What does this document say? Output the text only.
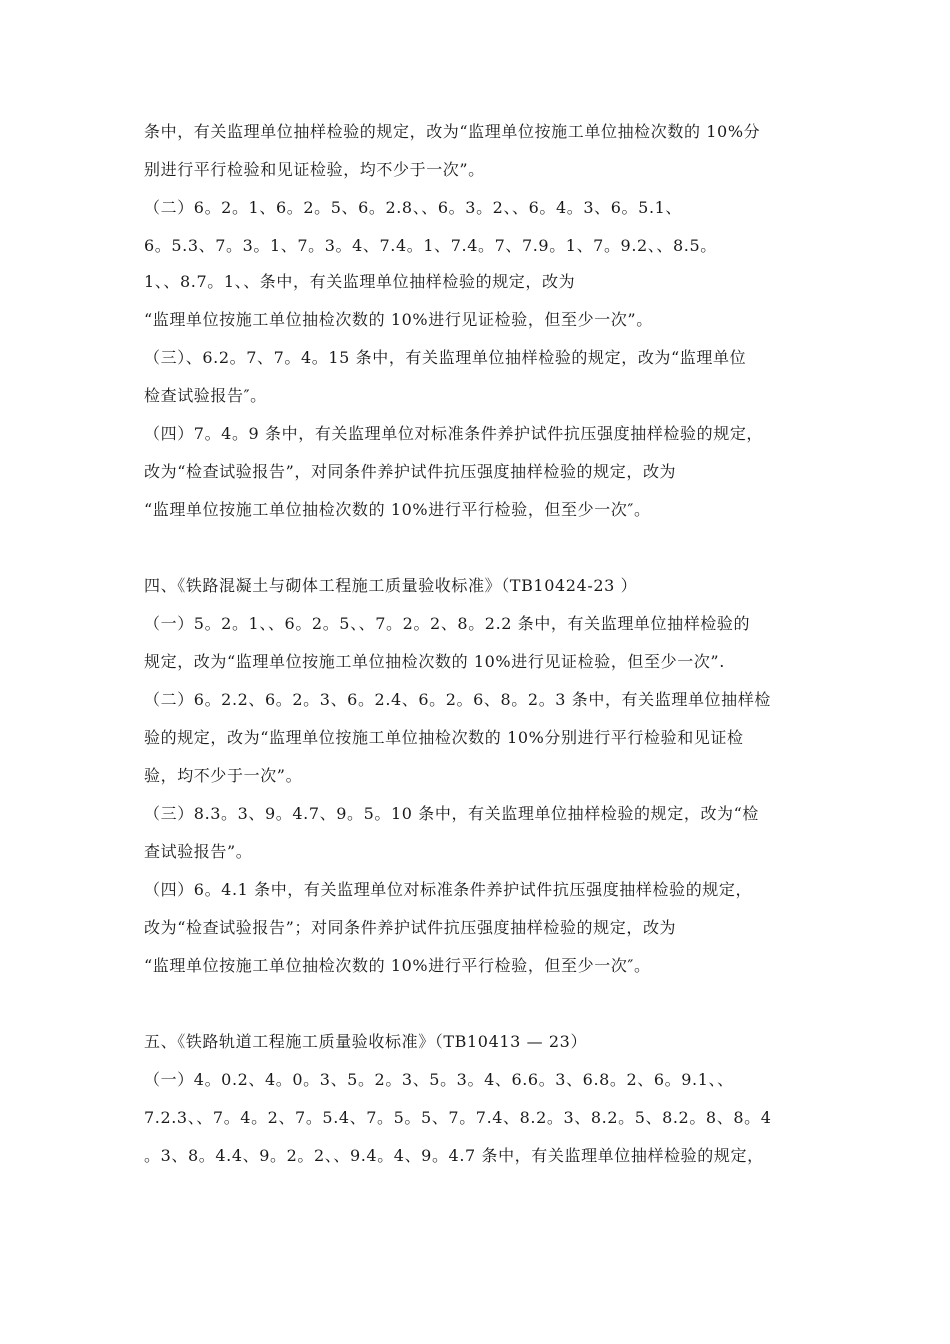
条中，有关监理单位抽样检验的规定，改为“监理单位按施工单位抽检次数的 10%分
别进行平行检验和见证检验，均不少于一次”。
（二）6。2。1、6。2。5、6。2.8、、6。3。2、、6。4。3、6。5.1、
6。5.3、7。3。1、7。3。4、7.4。1、7.4。7、7.9。1、7。9.2、、8.5。
1、、8.7。1、、条中，有关监理单位抽样检验的规定，改为
“监理单位按施工单位抽检次数的 10%进行见证检验，但至少一次”。
（三）、6.2。7、7。4。15 条中，有关监理单位抽样检验的规定，改为“监理单位
检查试验报告″。
（四）7。4。9 条中，有关监理单位对标准条件养护试件抗压强度抽样检验的规定，
改为“检查试验报告”，对同条件养护试件抗压强度抽样检验的规定，改为
“监理单位按施工单位抽检次数的 10%进行平行检验，但至少一次″。
四、《铁路混凝土与砌体工程施工质量验收标准》（TB10424-23 ）
（一）5。2。1、、6。2。5、、7。2。2、8。2.2 条中，有关监理单位抽样检验的
规定，改为“监理单位按施工单位抽检次数的 10%进行见证检验，但至少一次”.
（二）6。2.2、6。2。3、6。2.4、6。2。6、8。2。3 条中，有关监理单位抽样检
验的规定，改为“监理单位按施工单位抽检次数的 10%分别进行平行检验和见证检
验，均不少于一次”。
（三）8.3。3、9。4.7、9。5。10 条中，有关监理单位抽样检验的规定，改为“检
查试验报告”。
（四）6。4.1 条中，有关监理单位对标准条件养护试件抗压强度抽样检验的规定，
改为“检查试验报告”；对同条件养护试件抗压强度抽样检验的规定，改为
“监理单位按施工单位抽检次数的 10%进行平行检验，但至少一次″。
五、《铁路轨道工程施工质量验收标准》（TB10413 — 23）
（一）4。0.2、4。0。3、5。2。3、5。3。4、6.6。3、6.8。2、6。9.1、、
7.2.3、、7。4。2、7。5.4、7。5。5、7。7.4、8.2。3、8.2。5、8.2。8、8。4
。3、8。4.4、9。2。2、、9.4。4、9。4.7 条中，有关监理单位抽样检验的规定，
